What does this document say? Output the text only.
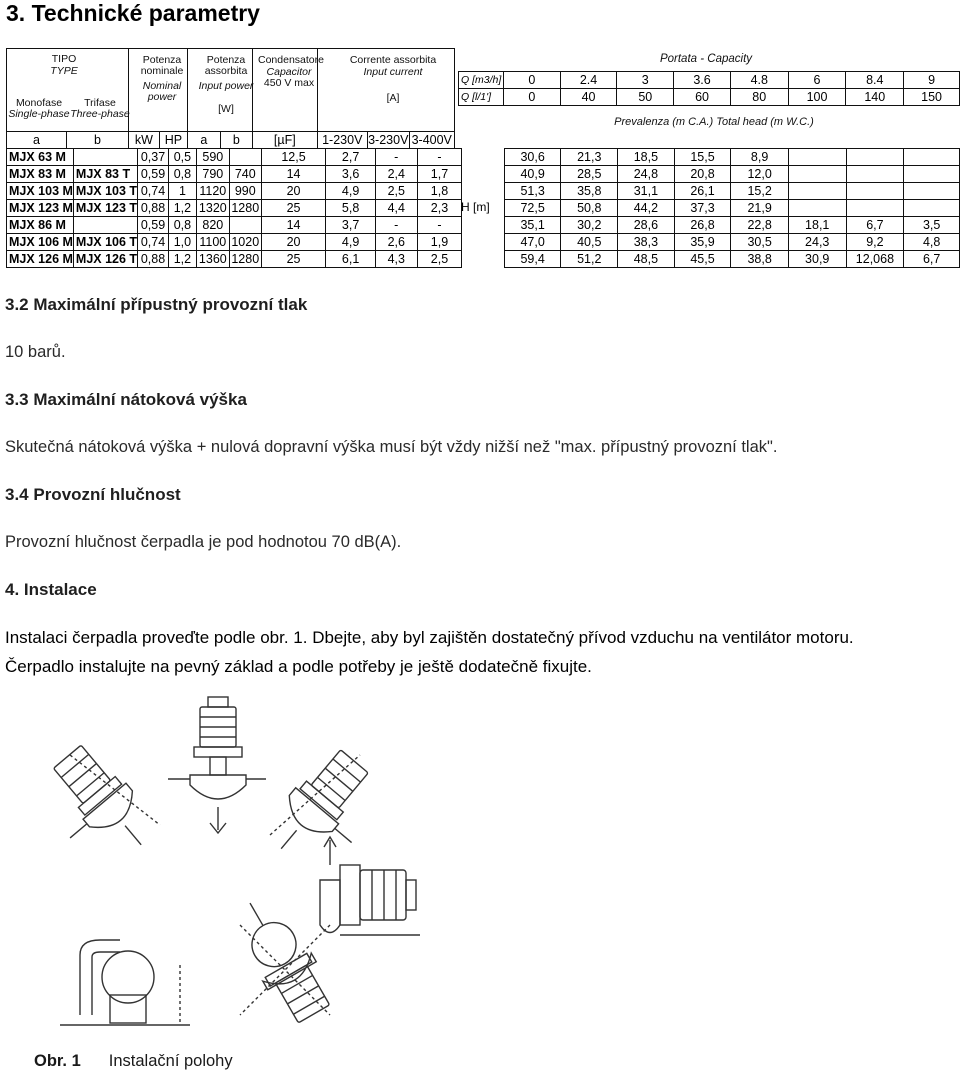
3. Technické parametry
TIPO
TYPE
Monofase
Single-phase
Trifase
Three-phase
Potenza nominale
Nominal power
Potenza assorbita
Input power
[W]
Condensatore
Capacitor
450 V max
Corrente assorbita
Input current
[A]
Portata - Capacity
Prevalenza (m C.A.) Total head (m W.C.)

a	b	kW	HP	a	b	[µF]	1-230V	3-230V	3-400V		
Q [m3/h]	0	2.4	3	3.6	4.8	6	8.4	9
Q [l/1']	0	40	50	60	80	100	140	150
MJX 63 M		0,37	0,5	590		12,5	2,7	-	-		30,6	21,3	18,5	15,5	8,9			
MJX 83 M	MJX 83 T	0,59	0,8	790	740	14	3,6	2,4	1,7		40,9	28,5	24,8	20,8	12,0			
MJX 103 M	MJX 103 T	0,74	1	1120	990	20	4,9	2,5	1,8		51,3	35,8	31,1	26,1	15,2			
MJX 123 M	MJX 123 T	0,88	1,2	1320	1280	25	5,8	4,4	2,3		72,5	50,8	44,2	37,3	21,9			
MJX 86 M		0,59	0,8	820		14	3,7	-	-		35,1	30,2	28,6	26,8	22,8	18,1	6,7	3,5
MJX 106 M	MJX 106 T	0,74	1,0	1100	1020	20	4,9	2,6	1,9		47,0	40,5	38,3	35,9	30,5	24,3	9,2	4,8
MJX 126 M	MJX 126 T	0,88	1,2	1360	1280	25	6,1	4,3	2,5		59,4	51,2	48,5	45,5	38,8	30,9	12,068	6,7
3.2 Maximální přípustný provozní tlak
10 barů.
3.3 Maximální nátoková výška
Skutečná nátoková výška + nulová dopravní výška musí být vždy nižší než "max. přípustný provozní tlak".
3.4 Provozní hlučnost
Provozní hlučnost čerpadla je pod hodnotou 70 dB(A).
4. Instalace
Instalaci čerpadla proveďte podle obr. 1. Dbejte, aby byl zajištěn dostatečný přívod vzduchu na ventilátor motoru.
Čerpadlo instalujte na pevný základ a podle potřeby je ještě dodatečně fixujte.
Obr. 1 Instalační polohy
H [m]
